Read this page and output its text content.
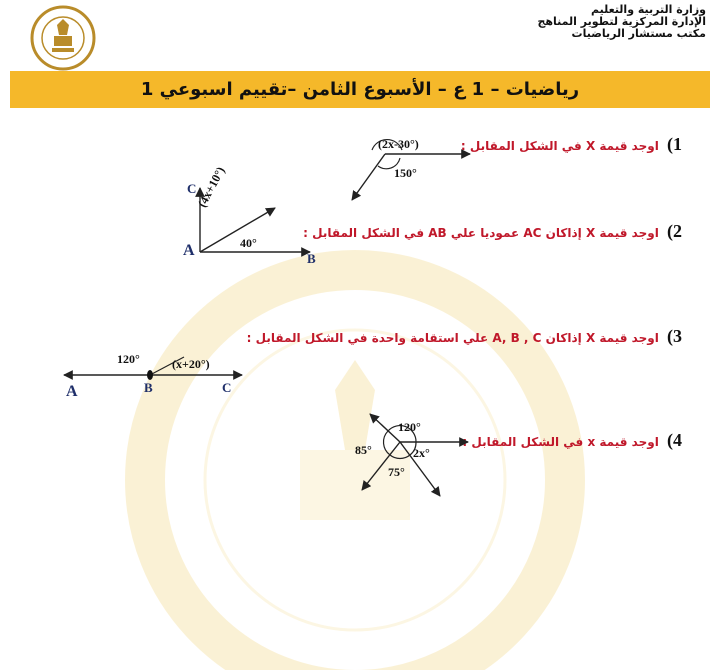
وزارة التربية والتعليم
الإدارة المركزية لتطوير المناهج
مكتب مستشار الرياضيات
رياضيات – 1 ع – الأسبوع الثامن –تقييم اسبوعي 1
1) اوجد قيمة X في الشكل المقابل :
2) اوجد قيمة X إذاكان AC عموديا علي AB في الشكل المقابل :
3) اوجد قيمة X إذاكان A, B , C علي استقامة واحدة في الشكل المقابل :
4) اوجد قيمة x في الشكل المقابل :
(2x-30°)
150°
C
A	B
(4x+10°)
40°
A	B	C
120°	(x+20°)
120°
85°	2x°
75°
